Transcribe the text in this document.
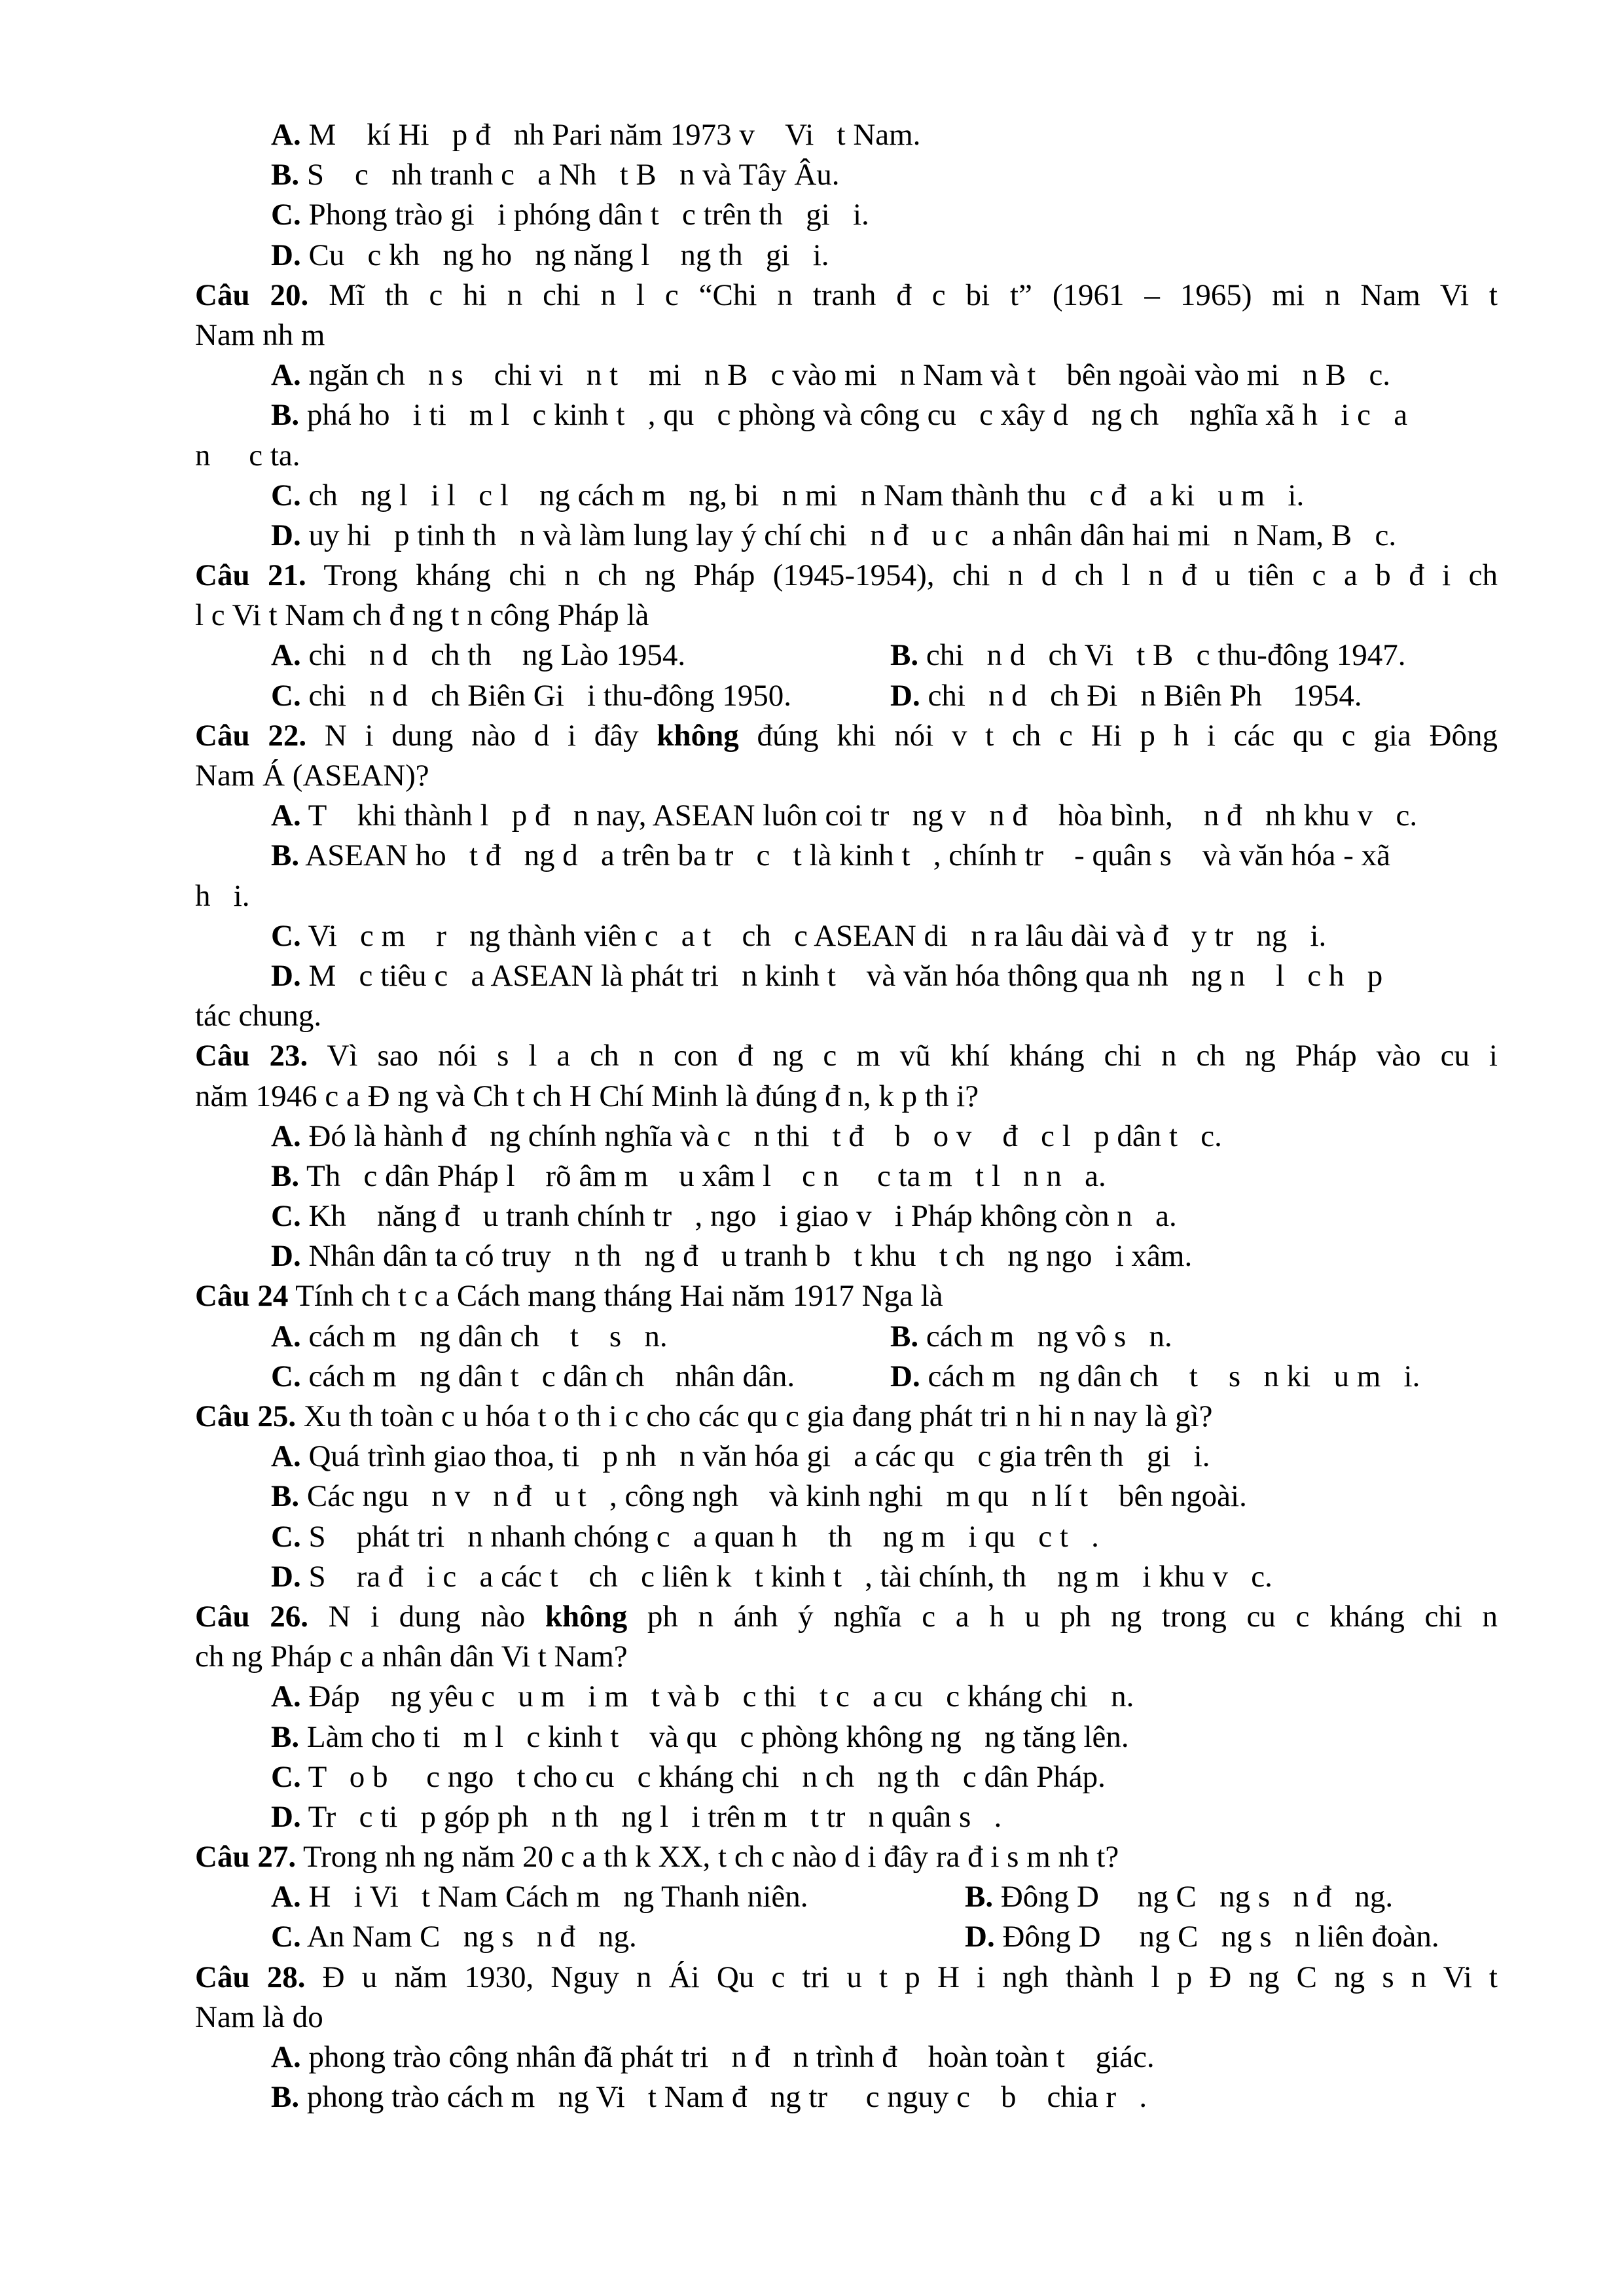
A. M    kí Hi   p đ   nh Pari năm 1973 v    Vi   t Nam.
B. S    c   nh tranh c   a Nh   t B   n và Tây Âu.
C. Phong trào gi   i phóng dân t   c trên th   gi   i.
D. Cu   c kh   ng ho   ng năng l    ng th   gi   i.
Câu 20. Mĩ th c hi n chi n l c “Chi n tranh đ c bi t” (1961 – 1965) mi n Nam Vi t
Nam nh m
A. ngăn ch   n s    chi vi   n t    mi   n B   c vào mi   n Nam và t    bên ngoài vào mi   n B   c.
B. phá ho   i ti   m l   c kinh t   , qu   c phòng và công cu   c xây d   ng ch    nghĩa xã h   i c   a
n     c ta.
C. ch   ng l   i l   c l    ng cách m   ng, bi   n mi   n Nam thành thu   c đ   a ki   u m   i.
D. uy hi   p tinh th   n và làm lung lay ý chí chi   n đ   u c   a nhân dân hai mi   n Nam, B   c.
Câu 21. Trong kháng chi n ch ng Pháp (1945-1954), chi n d ch l n đ u tiên c a b đ i ch
l c Vi t Nam ch đ ng t n công Pháp là
A. chi   n d   ch th    ng Lào 1954.	B. chi   n d   ch Vi   t B   c thu-đông 1947.
C. chi   n d   ch Biên Gi   i thu-đông 1950.	D. chi   n d   ch Đi   n Biên Ph    1954.
Câu 22. N i dung nào d i đây không đúng khi nói v t ch c Hi p h i các qu c gia Đông
Nam Á (ASEAN)?
A. T    khi thành l   p đ   n nay, ASEAN luôn coi tr   ng v   n đ    hòa bình,    n đ   nh khu v   c.
B. ASEAN ho   t đ   ng d   a trên ba tr   c   t là kinh t   , chính tr    - quân s    và văn hóa - xã
h   i.
C. Vi   c m    r   ng thành viên c   a t    ch   c ASEAN di   n ra lâu dài và đ   y tr   ng   i.
D. M   c tiêu c   a ASEAN là phát tri   n kinh t    và văn hóa thông qua nh   ng n    l   c h   p
tác chung.
Câu 23. Vì sao nói s l a ch n con đ ng c m vũ khí kháng chi n ch ng Pháp vào cu i
năm 1946 c a Đ ng và Ch t ch H Chí Minh là đúng đ n, k p th i?
A. Đó là hành đ   ng chính nghĩa và c   n thi   t đ    b   o v    đ   c l   p dân t   c.
B. Th   c dân Pháp l    rõ âm m    u xâm l    c n     c ta m   t l   n n   a.
C. Kh    năng đ   u tranh chính tr   , ngo   i giao v   i Pháp không còn n   a.
D. Nhân dân ta có truy   n th   ng đ   u tranh b   t khu   t ch   ng ngo   i xâm.
Câu 24 Tính ch t c a Cách mang tháng Hai năm 1917 Nga là
A. cách m   ng dân ch    t    s   n.	B. cách m   ng vô s   n.
C. cách m   ng dân t   c dân ch    nhân dân.	D. cách m   ng dân ch    t    s   n ki   u m   i.
Câu 25. Xu th toàn c u hóa t o th i c cho các qu c gia đang phát tri n hi n nay là gì?
A. Quá trình giao thoa, ti   p nh   n văn hóa gi   a các qu   c gia trên th   gi   i.
B. Các ngu   n v   n đ   u t   , công ngh    và kinh nghi   m qu   n lí t    bên ngoài.
C. S    phát tri   n nhanh chóng c   a quan h    th    ng m   i qu   c t   .
D. S    ra đ   i c   a các t    ch   c liên k   t kinh t   , tài chính, th    ng m   i khu v   c.
Câu 26. N i dung nào không ph n ánh ý nghĩa c a h u ph ng trong cu c kháng chi n
ch ng Pháp c a nhân dân Vi t Nam?
A. Đáp    ng yêu c   u m   i m   t và b   c thi   t c   a cu   c kháng chi   n.
B. Làm cho ti   m l   c kinh t    và qu   c phòng không ng   ng tăng lên.
C. T   o b     c ngo   t cho cu   c kháng chi   n ch   ng th   c dân Pháp.
D. Tr   c ti   p góp ph   n th   ng l   i trên m   t tr   n quân s   .
Câu 27. Trong nh ng năm 20 c a th k XX, t ch c nào d i đây ra đ i s m nh t?
A. H   i Vi   t Nam Cách m   ng Thanh niên.	B. Đông D     ng C   ng s   n đ   ng.
C. An Nam C   ng s   n đ   ng.	D. Đông D     ng C   ng s   n liên đoàn.
Câu 28. Đ u năm 1930, Nguy n Ái Qu c tri u t p H i ngh thành l p Đ ng C ng s n Vi t
Nam là do
A. phong trào công nhân đã phát tri   n đ   n trình đ    hoàn toàn t    giác.
B. phong trào cách m   ng Vi   t Nam đ   ng tr     c nguy c    b    chia r   .
